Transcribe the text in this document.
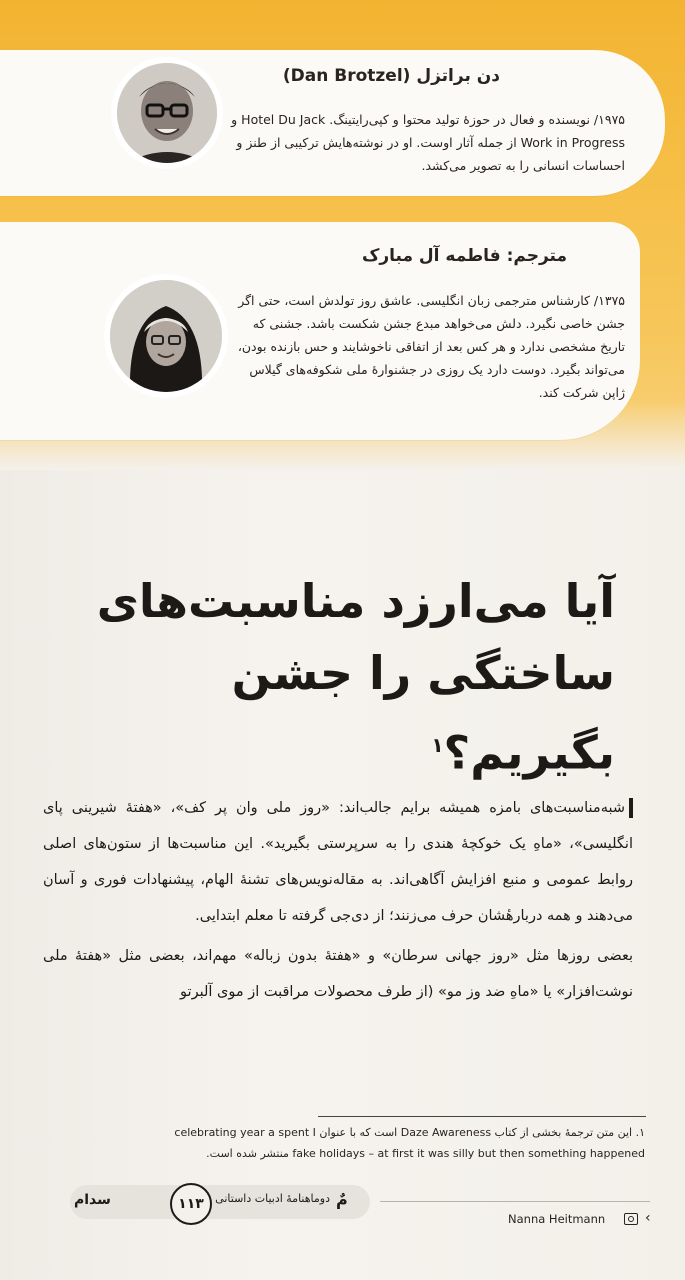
دن براتزل (Dan Brotzel)
۱۹۷۵/ نویسنده و فعال در حوزهٔ تولید محتوا و کپی‌رایتینگ. Hotel Du Jack و Work in Progress از جمله آثار اوست. او در نوشته‌هایش ترکیبی از طنز و احساسات انسانی را به تصویر می‌کشد.
مترجم: فاطمه آل مبارک
۱۳۷۵/ کارشناس مترجمی زبان انگلیسی. عاشق روز تولدش است، حتی اگر جشن خاصی نگیرد. دلش می‌خواهد مبدع جشن شکست باشد. جشنی که تاریخ مشخصی ندارد و هر کس بعد از اتفاقی ناخوشایند و حس بازنده بودن، می‌تواند بگیرد. دوست دارد یک روزی در جشنوارهٔ ملی شکوفه‌های گیلاس ژاپن شرکت کند.
آیا می‌ارزد مناسبت‌های
ساختگی را جشن بگیریم؟$^۱$

شبه‌مناسبت‌های بامزه همیشه برایم جالب‌اند: «روز ملی وان پر کف»، «هفتهٔ شیرینی پای انگلیسی»، «ماهِ یک خوکچهٔ هندی را به سرپرستی بگیرید». این مناسبت‌ها از ستون‌های اصلی روابط عمومی و منبع افزایش آگاهی‌اند. به مقاله‌نویس‌های تشنهٔ الهام، پیشنهادات فوری و آسان می‌دهند و همه دربارهٔشان حرف می‌زنند؛ از دی‌جی گرفته تا معلم ابتدایی.

بعضی روزها مثل «روز جهانی سرطان» و «هفتهٔ بدون زباله» مهم‌اند، بعضی مثل «هفتهٔ ملی نوشت‌افزار» یا «ماهِ ضد وز مو» (از طرف محصولات مراقبت از موی آلبرتو

۱. این متن ترجمهٔ بخشی از کتاب Daze Awareness است که با عنوان celebrating year a spent I
fake holidays – at first it was silly but then something happened منتشر شده است.
سدام	۱۱۳	دوماهنامهٔ ادبیات داستانی مٌ
Nanna Heitmann	‹
